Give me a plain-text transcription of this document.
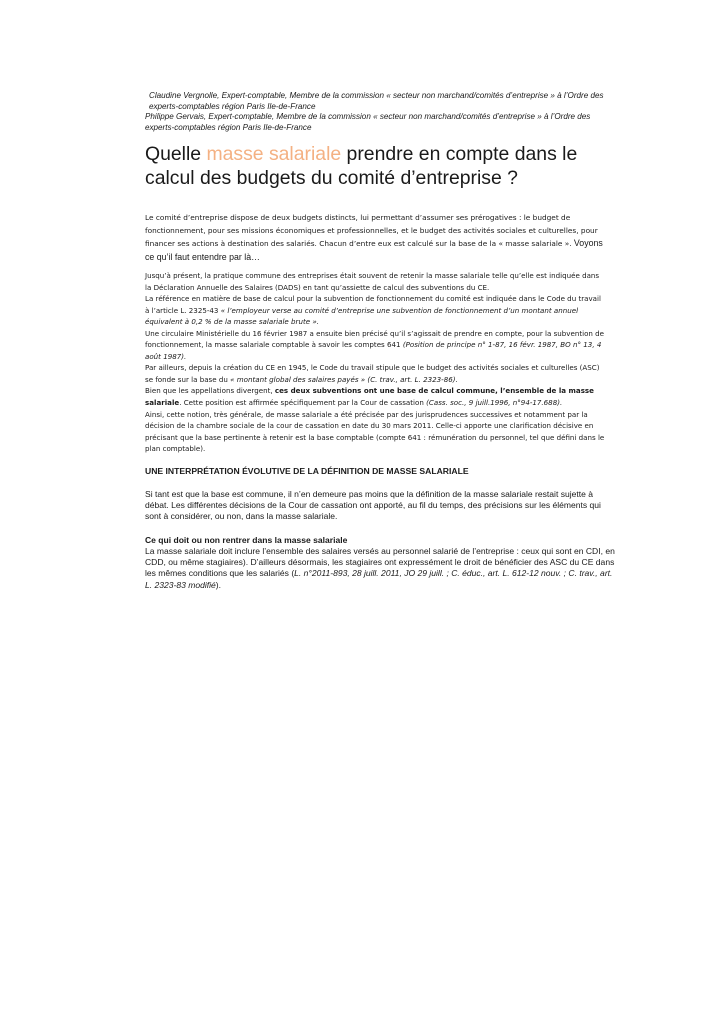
Claudine Vergnolle, Expert-comptable, Membre de la commission « secteur non marchand/comités d’entreprise » à l’Ordre des experts-comptables région Paris Ile-de-France

Philippe Gervais, Expert-comptable, Membre de la commission « secteur non marchand/comités d’entreprise » à l’Ordre des experts-comptables région Paris Ile-de-France

Quelle masse salariale prendre en compte dans le calcul des budgets du comité d’entreprise ?

Le comité d’entreprise dispose de deux budgets distincts, lui permettant d’assumer ses prérogatives : le budget de fonctionnement, pour ses missions économiques et professionnelles, et le budget des activités sociales et culturelles, pour financer ses actions à destination des salariés. Chacun d’entre eux est calculé sur la base de la « masse salariale ». Voyons ce qu’il faut entendre par là…

Jusqu’à présent, la pratique commune des entreprises était souvent de retenir la masse salariale telle qu’elle est indiquée dans la Déclaration Annuelle des Salaires (DADS) en tant qu’assiette de calcul des subventions du CE.
La référence en matière de base de calcul pour la subvention de fonctionnement du comité est indiquée dans le Code du travail à l’article L. 2325-43 « l’employeur verse au comité d’entreprise une subvention de fonctionnement d’un montant annuel équivalent à 0,2 % de la masse salariale brute ».
Une circulaire Ministérielle du 16 février 1987 a ensuite bien précisé qu’il s’agissait de prendre en compte, pour la subvention de fonctionnement, la masse salariale comptable à savoir les comptes 641 (Position de principe n° 1-87, 16 févr. 1987, BO n° 13, 4 août 1987).
Par ailleurs, depuis la création du CE en 1945, le Code du travail stipule que le budget des activités sociales et culturelles (ASC) se fonde sur la base du « montant global des salaires payés » (C. trav., art. L. 2323-86).
Bien que les appellations divergent, ces deux subventions ont une base de calcul commune, l’ensemble de la masse salariale. Cette position est affirmée spécifiquement par la Cour de cassation (Cass. soc., 9 juill.1996, n°94-17.688).
Ainsi, cette notion, très générale, de masse salariale a été précisée par des jurisprudences successives et notamment par la décision de la chambre sociale de la cour de cassation en date du 30 mars 2011. Celle-ci apporte une clarification décisive en précisant que la base pertinente à retenir est la base comptable (compte 641 : rémunération du personnel, tel que défini dans le plan comptable).
UNE INTERPRÉTATION ÉVOLUTIVE DE LA DÉFINITION DE MASSE SALARIALE

Si tant est que la base est commune, il n’en demeure pas moins que la définition de la masse salariale restait sujette à débat. Les différentes décisions de la Cour de cassation ont apporté, au fil du temps, des précisions sur les éléments qui sont à considérer, ou non, dans la masse salariale.

Ce qui doit ou non rentrer dans la masse salariale

La masse salariale doit inclure l’ensemble des salaires versés au personnel salarié de l’entreprise : ceux qui sont en CDI, en CDD, ou même stagiaires). D’ailleurs désormais, les stagiaires ont expressément le droit de bénéficier des ASC du CE dans les mêmes conditions que les salariés (L. n°2011-893, 28 juill. 2011, JO 29 juill. ; C. éduc., art. L. 612-12 nouv. ; C. trav., art. L. 2323-83 modifié).
